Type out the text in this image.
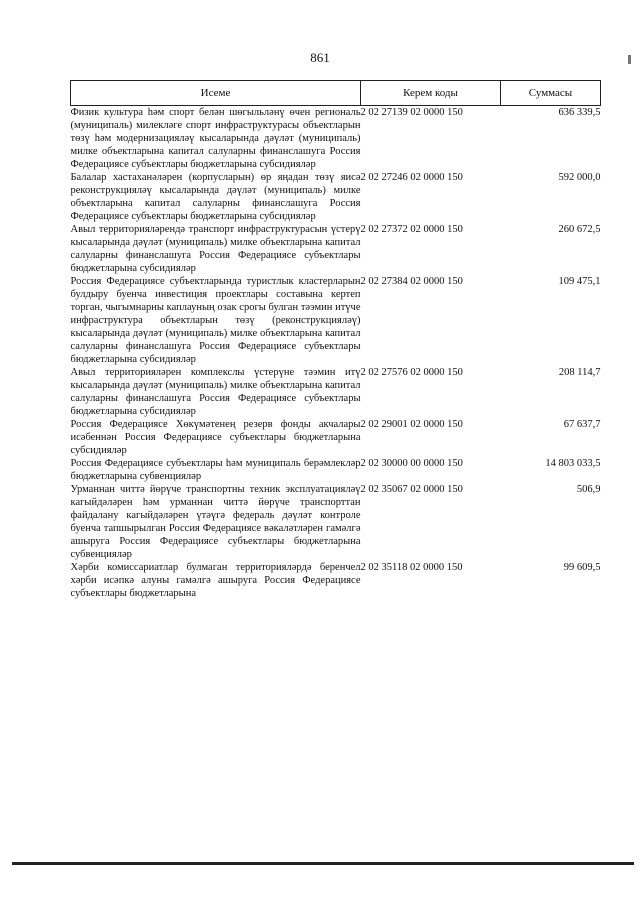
861
Исеме	Керем коды	Суммасы
Физик культура һәм спорт белән шөгыльләнү өчен региональ (муниципаль) милекләге спорт инфраструктурасы объектларын төзү һәм модернизацияләү кысаларында дәүләт (муниципаль) милке объектларына капитал салуларны финанслашуга Россия Федерациясе субъектлары бюджетларына субсидияләр	2 02 27139 02 0000 150	636 339,5
Балалар хастаханәләрен (корпусларын) өр яңадан төзү яисә реконструкцияләү кысаларында дәүләт (муниципаль) милке объектларына капитал салуларны финанслашуга Россия Федерациясе субъектлары бюджетларына субсидияләр	2 02 27246 02 0000 150	592 000,0
Авыл территорияләрендә транспорт инфраструктурасын үстерү кысаларында дәүләт (муниципаль) милке объектларына капитал салуларны финанслашуга Россия Федерациясе субъектлары бюджетларына субсидияләр	2 02 27372 02 0000 150	260 672,5
Россия Федерациясе субъектларында туристлык кластерларын булдыру буенча инвестиция проектлары составына кертеп торган, чыгымнарны каплауның озак срогы булган тәэмин итүче инфраструктура объектларын төзү (реконструкцияләү) кысаларында дәүләт (муниципаль) милке объектларына капитал салуларны финанслашуга Россия Федерациясе субъектлары бюджетларына субсидияләр	2 02 27384 02 0000 150	109 475,1
Авыл территорияләрен комплекслы үстерүне тәэмин итү кысаларында дәүләт (муниципаль) милке объектларына капитал салуларны финанслашуга Россия Федерациясе субъектлары бюджетларына субсидияләр	2 02 27576 02 0000 150	208 114,7
Россия Федерациясе Хөкүмәтенең резерв фонды акчалары исәбеннән Россия Федерациясе субъектлары бюджетларына субсидияләр	2 02 29001 02 0000 150	67 637,7
Россия Федерациясе субъектлары һәм муниципаль берәмлекләр бюджетларына субвенцияләр	2 02 30000 00 0000 150	14 803 033,5
Урманнан читтә йөрүче транспортны техник эксплуатацияләү кагыйдәләрен һәм урманнан читтә йөрүче транспорттан файдалану кагыйдәләрен үтәүгә федераль дәүләт контроле буенча тапшырылган Россия Федерациясе вәкаләтләрен гамәлгә ашыруга Россия Федерациясе субъектлары бюджетларына субвенцияләр	2 02 35067 02 0000 150	506,9
Хәрби комиссариатлар булмаган территорияләрдә беренчел хәрби исәпкә алуны гамәлгә ашыруга Россия Федерациясе субъектлары бюджетларына	2 02 35118 02 0000 150	99 609,5
